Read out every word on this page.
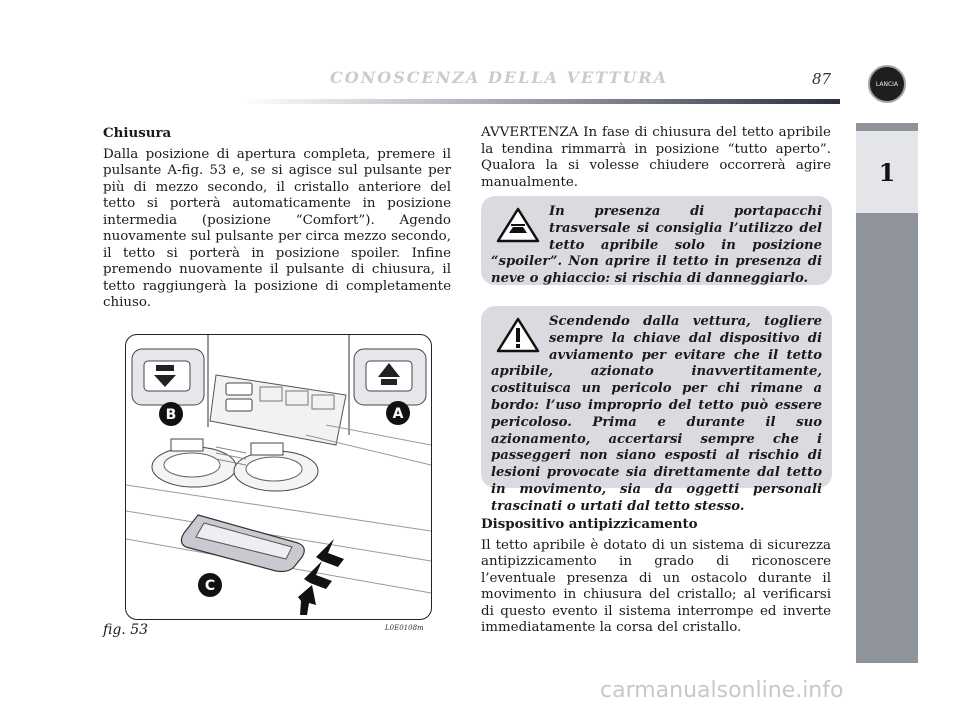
CONOSCENZA DELLA VETTURA	87	LANCIA
1

Chiusura

Dalla posizione di apertura completa, premere il pulsante A-fig. 53 e, se si agisce sul pulsante per più di mezzo secondo, il cristallo anteriore del tetto si porterà automaticamente in posizione intermedia (posizione “Comfort”). Agendo nuovamente sul pulsante per circa mezzo secondo, il tetto si porterà in posizione spoiler. Infine premendo nuovamente il pulsante di chiusura, il tetto raggiungerà la posizione di completamente chiuso.

B	A
C
fig. 53	L0E0108m

AVVERTENZA In fase di chiusura del tetto apribile la tendina rimmarrà in posizione “tutto aperto”. Qualora la si volesse chiudere occorrerà agire manualmente.

In presenza di portapacchi trasversale si consiglia l’utilizzo del tetto apribile solo in posizione “spoiler”. Non aprire il tetto in presenza di neve o ghiaccio: si rischia di danneggiarlo.
Scendendo dalla vettura, togliere sempre la chiave dal dispositivo di avviamento per evitare che il tetto apribile, azionato inavvertitamente, costituisca un pericolo per chi rimane a bordo: l’uso improprio del tetto può essere pericoloso. Prima e durante il suo azionamento, accertarsi sempre che i passeggeri non siano esposti al rischio di lesioni provocate sia direttamente dal tetto in movimento, sia da oggetti personali trascinati o urtati dal tetto stesso.

Dispositivo antipizzicamento

Il tetto apribile è dotato di un sistema di sicurezza antipizzicamento in grado di riconoscere l’eventuale presenza di un ostacolo durante il movimento in chiusura del cristallo; al verificarsi di questo evento il sistema interrompe ed inverte immediatamente la corsa del cristallo.

carmanualsonline.info
